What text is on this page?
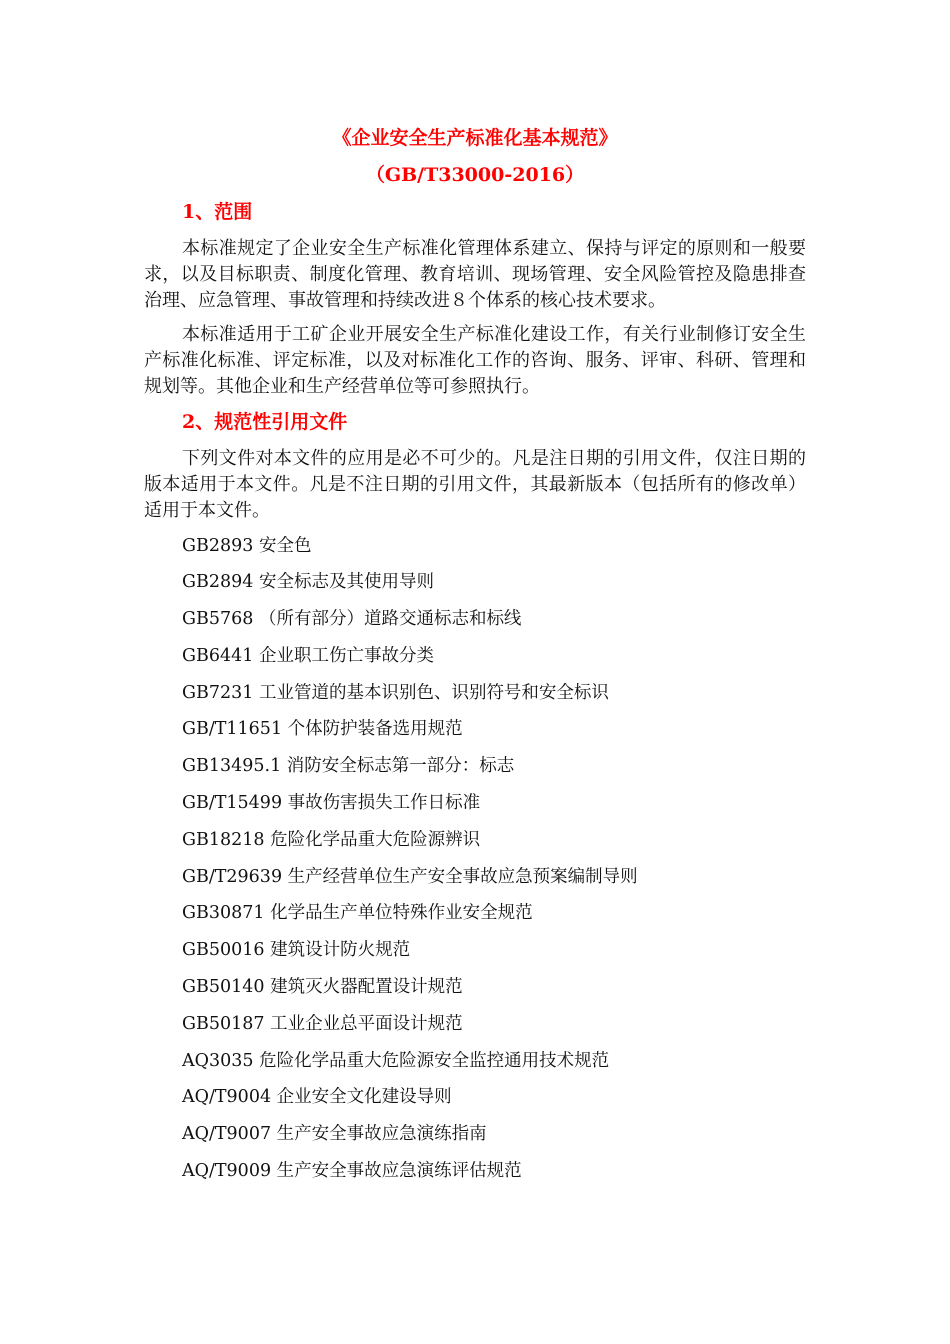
《企业安全生产标准化基本规范》
（GB/T33000-2016）
1、范围

本标准规定了企业安全生产标准化管理体系建立、保持与评定的原则和一般要求，以及目标职责、制度化管理、教育培训、现场管理、安全风险管控及隐患排查治理、应急管理、事故管理和持续改进８个体系的核心技术要求。

本标准适用于工矿企业开展安全生产标准化建设工作，有关行业制修订安全生产标准化标准、评定标准，以及对标准化工作的咨询、服务、评审、科研、管理和规划等。其他企业和生产经营单位等可参照执行。

2、规范性引用文件

下列文件对本文件的应用是必不可少的。凡是注日期的引用文件，仅注日期的版本适用于本文件。凡是不注日期的引用文件，其最新版本（包括所有的修改单）适用于本文件。

GB2893 安全色
GB2894 安全标志及其使用导则
GB5768 （所有部分）道路交通标志和标线
GB6441 企业职工伤亡事故分类
GB7231 工业管道的基本识别色、识别符号和安全标识
GB/T11651 个体防护装备选用规范
GB13495.1 消防安全标志第一部分：标志
GB/T15499 事故伤害损失工作日标准
GB18218 危险化学品重大危险源辨识
GB/T29639 生产经营单位生产安全事故应急预案编制导则
GB30871 化学品生产单位特殊作业安全规范
GB50016 建筑设计防火规范
GB50140 建筑灭火器配置设计规范
GB50187 工业企业总平面设计规范
AQ3035 危险化学品重大危险源安全监控通用技术规范
AQ/T9004 企业安全文化建设导则
AQ/T9007 生产安全事故应急演练指南
AQ/T9009 生产安全事故应急演练评估规范
